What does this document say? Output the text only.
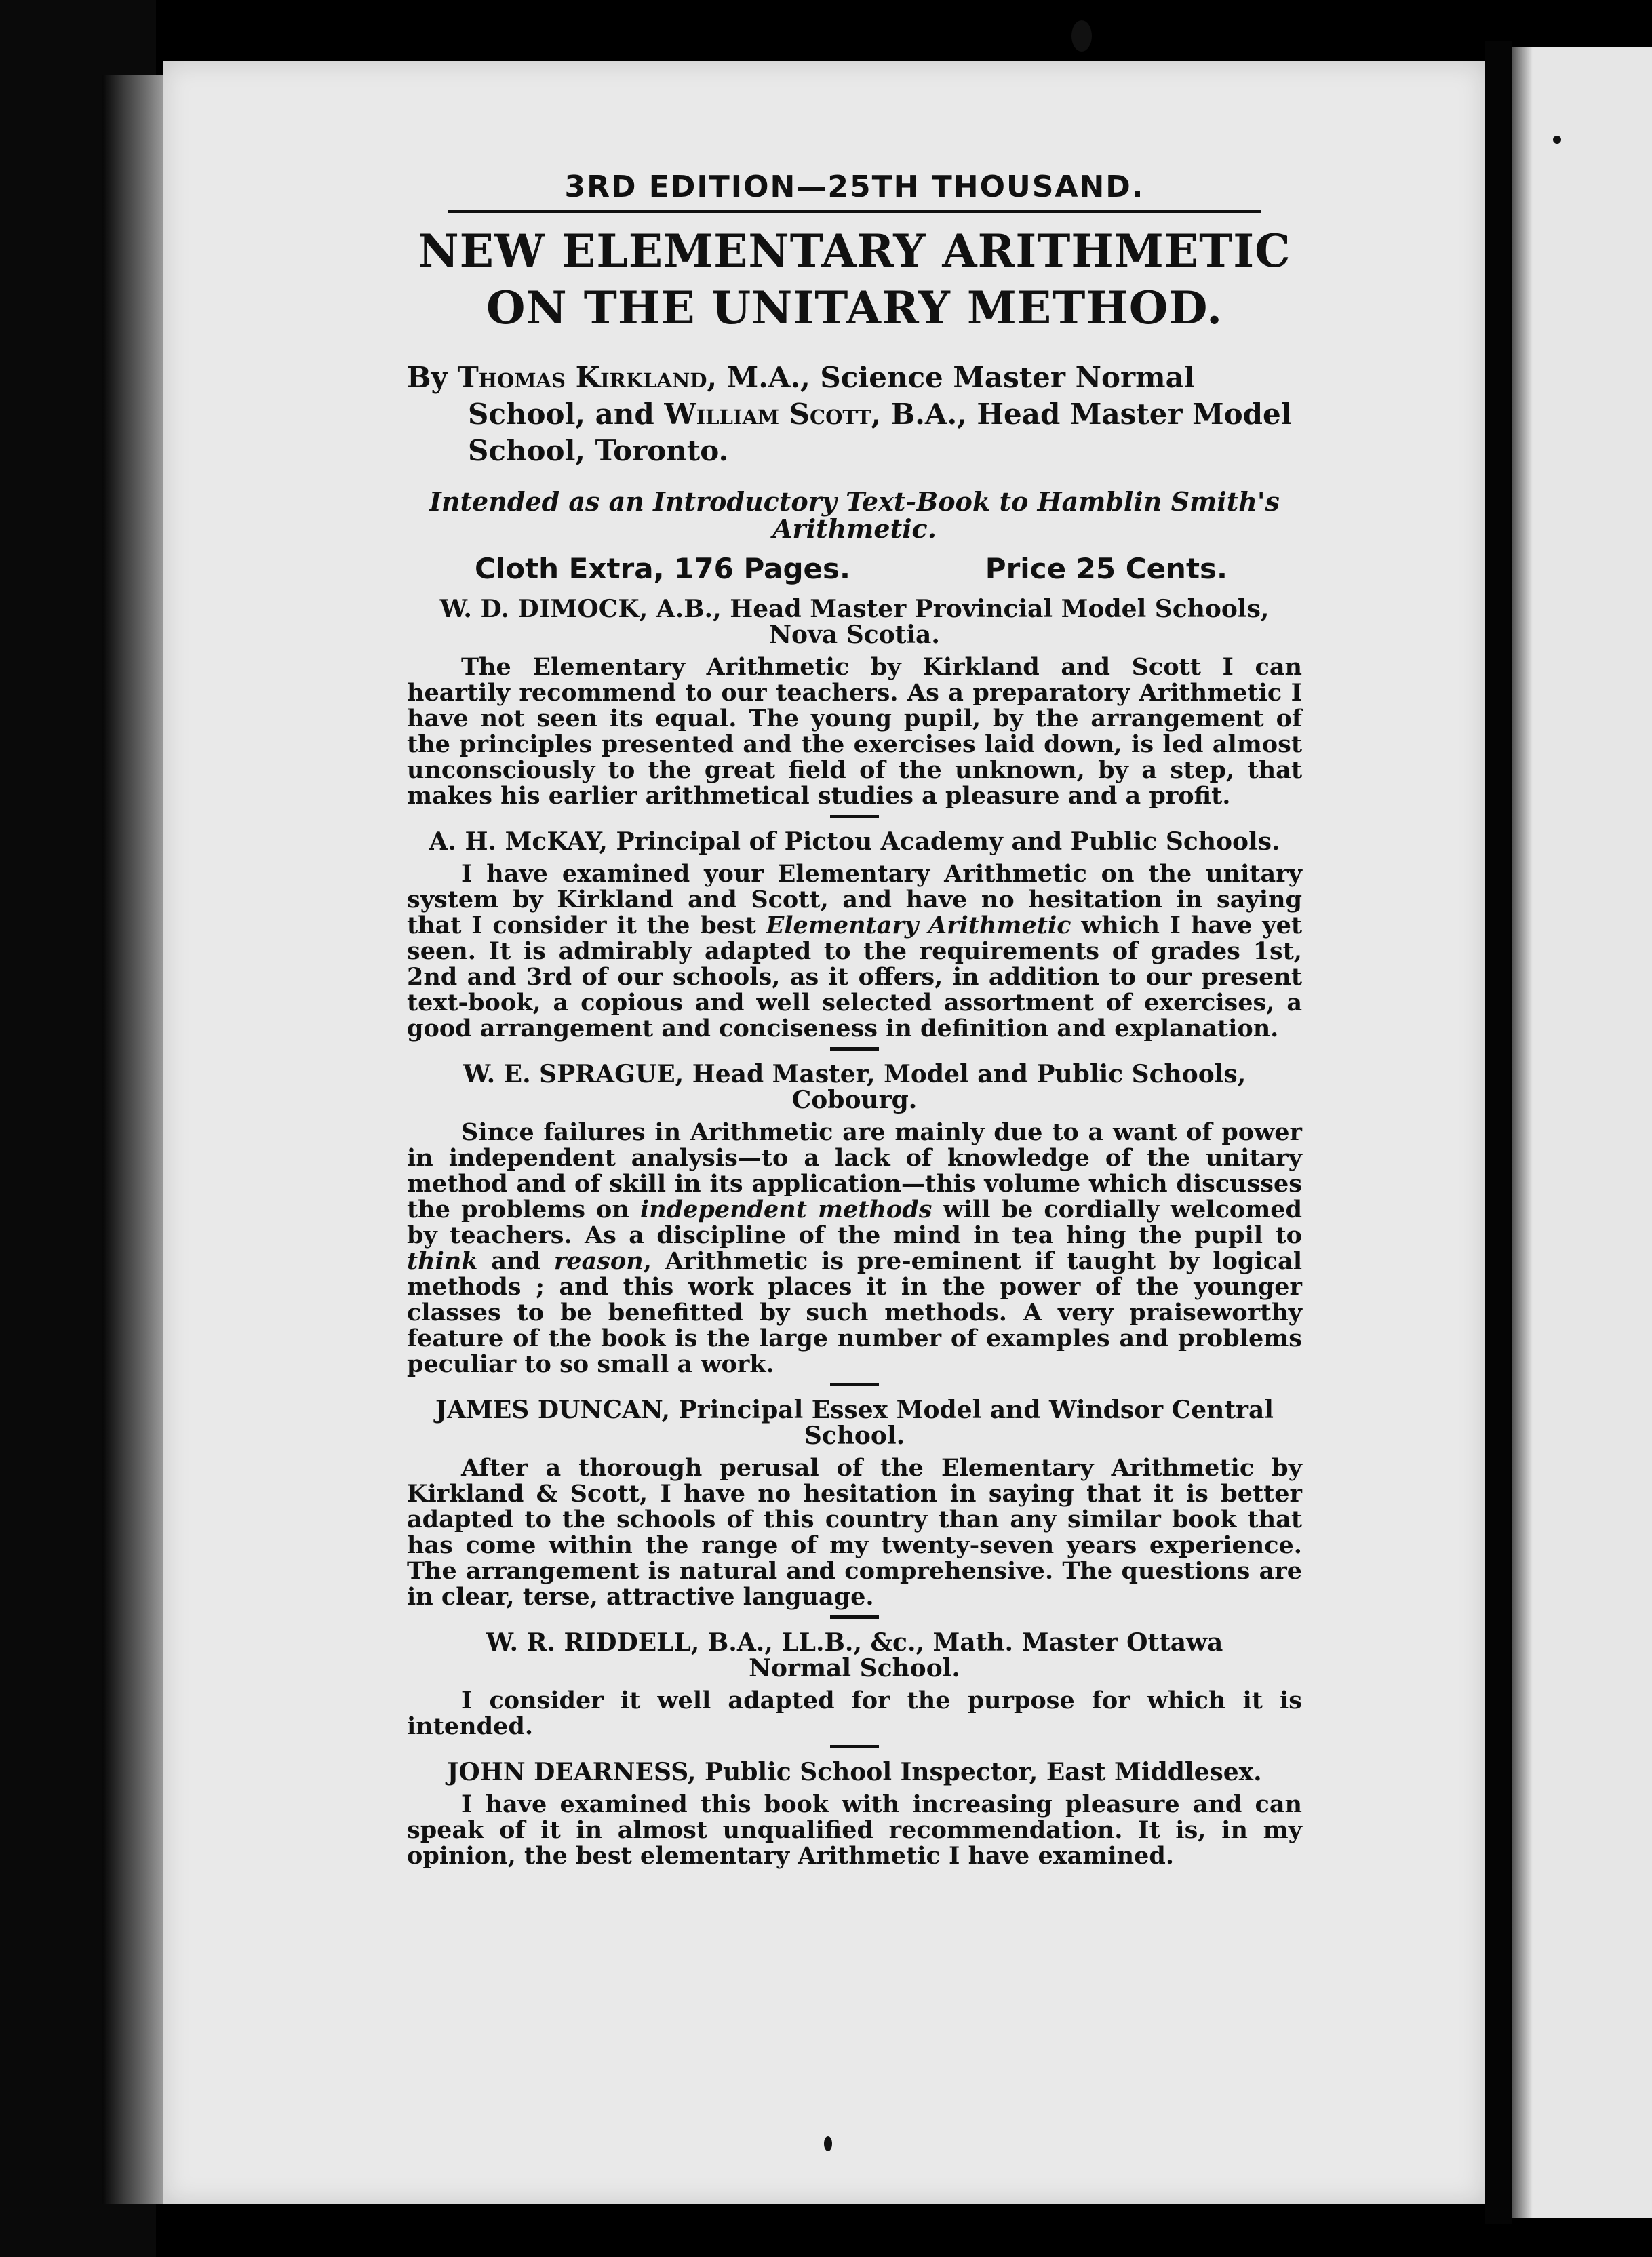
3RD EDITION—25TH THOUSAND.
NEW ELEMENTARY ARITHMETIC
ON THE UNITARY METHOD.
By Thomas Kirkland, M.A., Science Master Normal School, and William Scott, B.A., Head Master Model School, Toronto.
Intended as an Introductory Text-Book to Hamblin Smith's Arithmetic.
Cloth Extra, 176 Pages.	Price 25 Cents.
W. D. DIMOCK, A.B., Head Master Provincial Model Schools,
Nova Scotia.
The Elementary Arithmetic by Kirkland and Scott I can heartily recommend to our teachers. As a preparatory Arithmetic I have not seen its equal. The young pupil, by the arrangement of the principles presented and the exercises laid down, is led almost unconsciously to the great field of the unknown, by a step, that makes his earlier arithmetical studies a pleasure and a profit.
A. H. McKAY, Principal of Pictou Academy and Public Schools.
I have examined your Elementary Arithmetic on the unitary system by Kirkland and Scott, and have no hesitation in saying that I consider it the best Elementary Arithmetic which I have yet seen. It is admirably adapted to the requirements of grades 1st, 2nd and 3rd of our schools, as it offers, in addition to our present text-book, a copious and well selected assortment of exercises, a good arrangement and conciseness in definition and explanation.
W. E. SPRAGUE, Head Master, Model and Public Schools,
Cobourg.
Since failures in Arithmetic are mainly due to a want of power in independent analysis—to a lack of knowledge of the unitary method and of skill in its application—this volume which discusses the problems on independent methods will be cordially welcomed by teachers. As a discipline of the mind in tea hing the pupil to think and reason, Arithmetic is pre-eminent if taught by logical methods ; and this work places it in the power of the younger classes to be benefitted by such methods. A very praiseworthy feature of the book is the large number of examples and problems peculiar to so small a work.
JAMES DUNCAN, Principal Essex Model and Windsor Central
School.
After a thorough perusal of the Elementary Arithmetic by Kirkland & Scott, I have no hesitation in saying that it is better adapted to the schools of this country than any similar book that has come within the range of my twenty-seven years experience. The arrangement is natural and comprehensive. The questions are in clear, terse, attractive language.
W. R. RIDDELL, B.A., LL.B., &c., Math. Master Ottawa
Normal School.
I consider it well adapted for the purpose for which it is intended.
JOHN DEARNESS, Public School Inspector, East Middlesex.
I have examined this book with increasing pleasure and can speak of it in almost unqualified recommendation. It is, in my opinion, the best elementary Arithmetic I have examined.
